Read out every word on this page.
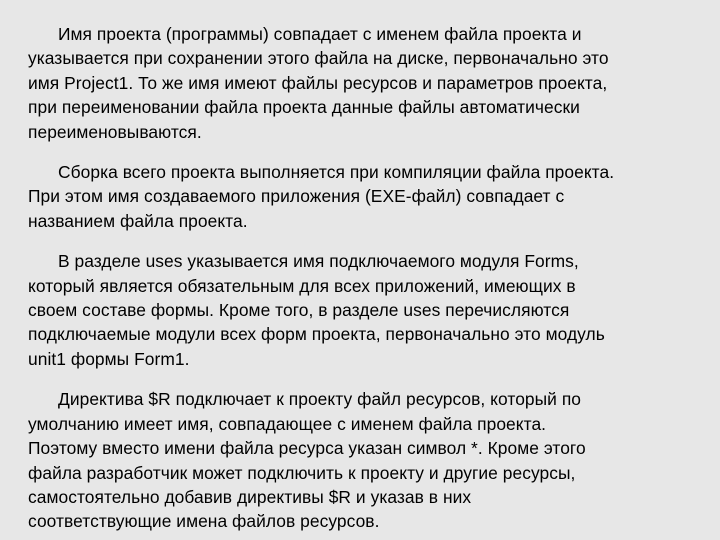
Имя проекта (программы) совпадает с именем файла проекта и
указывается при сохранении этого файла на диске, первоначально это
имя Project1. То же имя имеют файлы ресурсов и параметров проекта,
при переименовании файла проекта данные файлы автоматически
переименовываются.

Сборка всего проекта выполняется при компиляции файла проекта.
При этом имя создаваемого приложения (EXE-файл) совпадает с
названием файла проекта.

В разделе uses указывается имя подключаемого модуля Forms,
который является обязательным для всех приложений, имеющих в
своем составе формы. Кроме того, в разделе uses перечисляются
подключаемые модули всех форм проекта, первоначально это модуль
unit1 формы Form1.

Директива $R подключает к проекту файл ресурсов, который по
умолчанию имеет имя, совпадающее с именем файла проекта.
Поэтому вместо имени файла ресурса указан символ *. Кроме этого
файла разработчик может подключить к проекту и другие ресурсы,
самостоятельно добавив директивы $R и указав в них
соответствующие имена файлов ресурсов.
